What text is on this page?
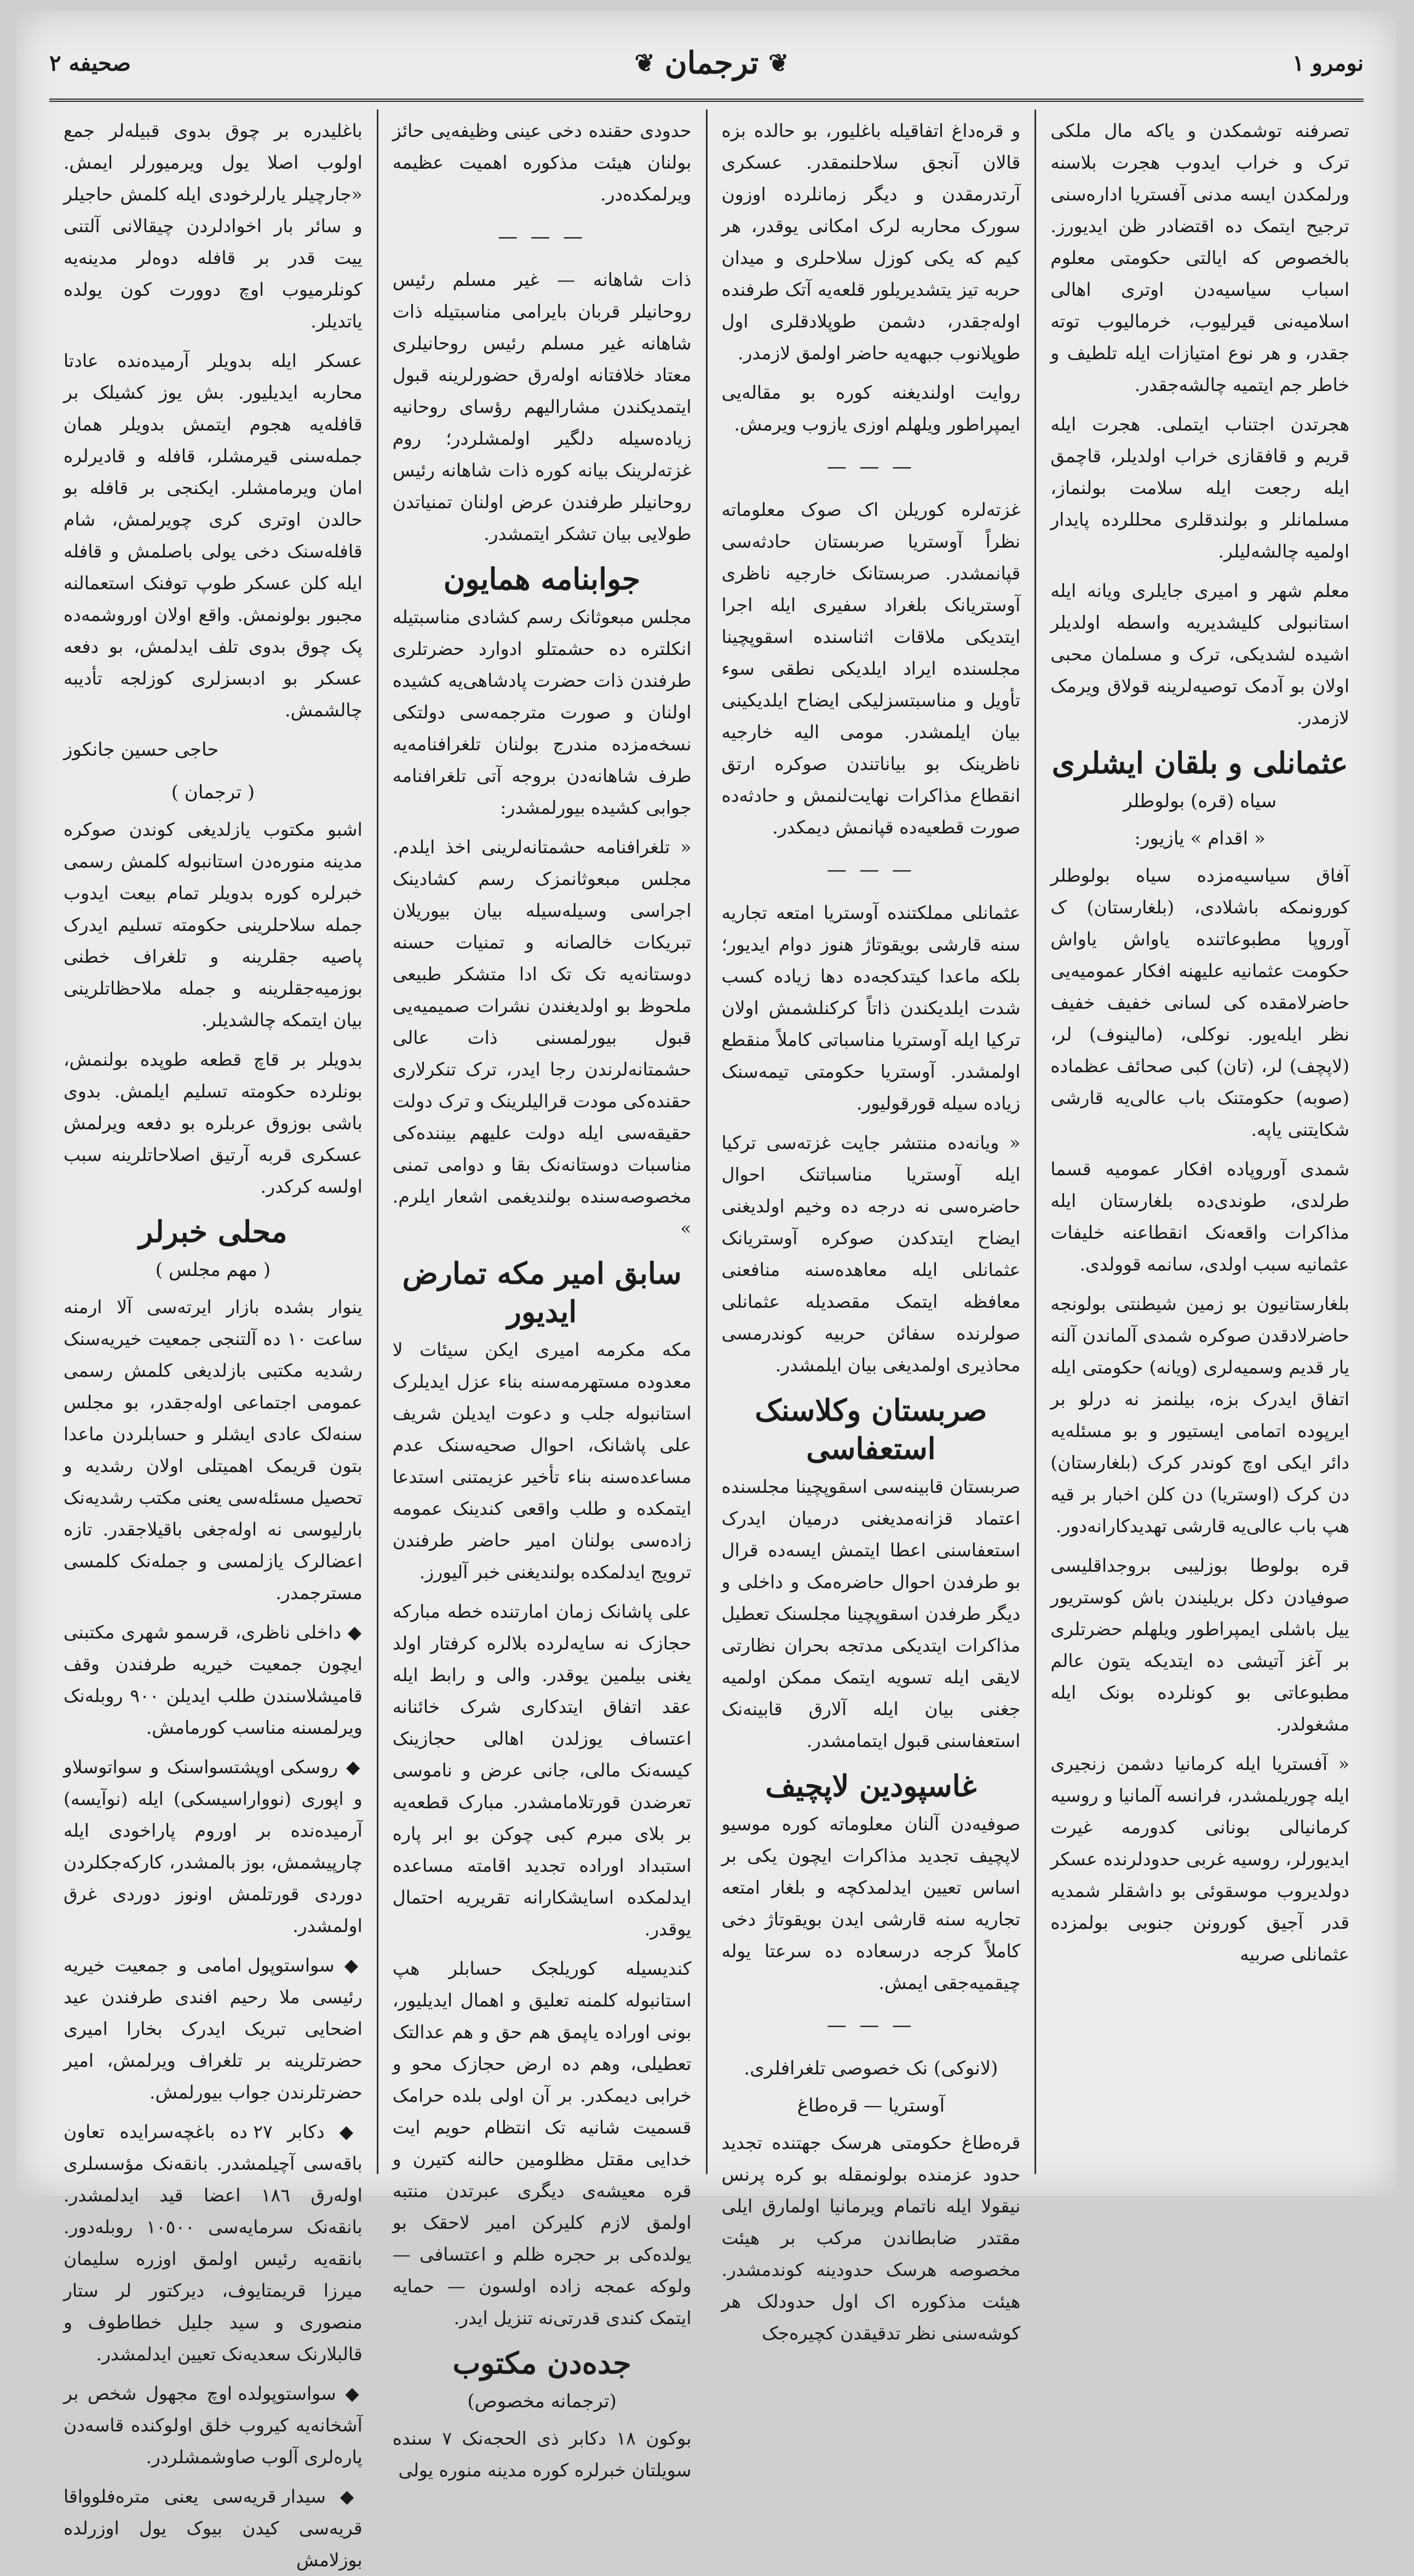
نومرو ١
❦
ترجمان
❦
صحیفه ٢

تصرفنه توشمکدن و یاکه مال ملکی ترک و خراب ایدوب هجرت بلاسنه ورلمکدن ایسه مدنی آفستریا اداره‌سنی ترجیح ایتمک ده اقتضادر ظن ایدیورز. بالخصوص که ایالتی حکومتی معلوم اسباب سیاسیه‌دن اوتری اهالی اسلامیه‌نی قیرلیوب، خرمالیوب توته جقدر، و هر نوع امتیازات ایله تلطیف و خاطر جم ایتمیه چالشه‌جقدر.

هجرتدن اجتناب ایتملی. هجرت ایله قریم و قافقازی خراب اولدیلر، قاچمق ایله رجعت ایله سلامت بولنماز، مسلمانلر و بولندقلری محللرده پایدار اولمیه چالشه‌لیلر.

معلم شهر و امیری جایلری ویانه ایله استانبولی کلیشدیریه واسطه اولدیلر اشیده لشدیکی، ترک و مسلمان محبی اولان بو آدمک توصیه‌لرینه قولاق ویرمک لازمدر.

عثمانلی و بلقان ایشلری
سیاه (قره) بولوطلر
« اقدام » یازیور:

آفاق سیاسیه‌مزده سیاه بولوطلر کورونمکه باشلادی، (بلغارستان) ک آوروپا مطبوعاتنده یاواش یاواش حکومت عثمانیه علیهنه افکار عمومیه‌یی حاضرلامقده کی لسانی خفیف خفیف نظر ایله‌یور. نوکلی، (مالینوف) لر، (لاپچف) لر، (تان) کبی صحائف عظماده (صوبه) حکومتنک باب عالی‌یه قارشی شکایتنی یاپه.

شمدی آوروپاده افکار عمومیه قسما طرلدی، طوندی‌ده بلغارستان ایله مذاکرات واقعه‌نک انقطاعنه خلیفات عثمانیه سبب اولدی، سانمه قوولدی.

بلغارستانیون بو زمین شیطنتی بولونجه حاضرلادقدن صوکره شمدی آلماندن آلنه یار قدیم وسمیه‌لری (ویانه) حکومتی ایله اتفاق ایدرک بزه، بیلنمز نه درلو بر ایرپوده اتمامی ایستیور و بو مسئله‌یه دائر ایکی اوچ کوندر کرک (بلغارستان) دن کرک (اوستریا) دن کلن اخبار بر قیه هپ باب عالی‌یه قارشی تهدیدکارانه‌دور.

قره بولوطا بوزلیبی بروجداقلیسی صوفیادن دکل بریلیندن باش کوستریور ییل باشلی ایمپراطور ویلهلم حضرتلری بر آغز آتیشی ده ایتدیکه یتون عالم مطبوعاتی بو کونلرده بونک ایله مشغولدر.

« آفستریا ایله کرمانیا دشمن زنجیری ایله چوریلمشدر، فرانسه آلمانیا و روسیه کرمانیالی بونانی کدورمه غیرت ایدیورلر، روسیه غربی حدودلرنده عسکر دولدیروب موسقوئی بو داشقلر شمدیه قدر آجیق کورونن جنوبی بولمزده عثمانلی صربیه

و قره‌داغ اتفاقیله باغلیور، بو حالده بزه قالان آنجق سلاحلنمقدر. عسکری آرتدرمقدن و دیگر زمانلرده اوزون سورک محاربه لرک امکانی یوقدر، هر کیم که یکی کوزل سلاحلری و میدان حربه تیز یتشدیریلور قلعه‌یه آتک طرفنده اوله‌جقدر، دشمن طوپلادقلری اول طوپلانوب جبهه‌یه حاضر اولمق لازمدر.

روایت اولندیغنه کوره بو مقاله‌یی ایمپراطور ویلهلم اوزی یازوب ویرمش.

— — —

غزته‌لره کوریلن اک صوک معلوماته نظراً آوستریا صربستان حادثه‌سی قپانمشدر. صربستانک خارجیه ناظری آوستریانک بلغراد سفیری ایله اجرا ایتدیکی ملاقات اثناسنده اسقوپچینا مجلسنده ایراد ایلدیکی نطقی سوء تأویل و مناسبتسزلیکی ایضاح ایلدیکینی بیان ایلمشدر. مومی الیه خارجیه ناظرینک بو بیاناتندن صوکره ارتق انقطاع مذاکرات نهایت‌لنمش و حادثه‌ده صورت قطعیه‌ده قپانمش دیمکدر.

— — —

عثمانلی مملکتنده آوستریا امتعه تجاریه سنه قارشی بویقوتاژ هنوز دوام ایدیور؛ بلکه ماعدا کیتدکجه‌ده دها زیاده کسب شدت ایلدیکندن ذاتاً کرکنلشمش اولان ترکیا ایله آوستریا مناسباتی کاملاً منقطع اولمشدر. آوستریا حکومتی تیمه‌سنک زیاده سیله قورقولیور.

« ویانه‌ده منتشر جایت غزته‌سی ترکیا ایله آوستریا مناسباتنک احوال حاضره‌سی نه درجه ده وخیم اولدیغنی ایضاح ایتدکدن صوکره آوستریانک عثمانلی ایله معاهده‌سنه منافعنی معافظه ایتمک مقصدیله عثمانلی صولرنده سفائن حربیه کوندرمسی محاذیری اولمدیغی بیان ایلمشدر.

صربستان وکلاسنک استعفاسی

صربستان قابینه‌سی اسقوپچینا مجلسنده اعتماد قزانه‌مدیغنی درمیان ایدرک استعفاسنی اعطا ایتمش ایسه‌ده قرال بو طرفدن احوال حاضره‌مک و داخلی و دیگر طرفدن اسقوپچینا مجلسنک تعطیل مذاکرات ایتدیکی مدتجه بحران نظارتی لایقی ایله تسویه ایتمک ممکن اولمیه جغنی بیان ایله آلارق قابینه‌نک استعفاسنی قبول ایتمامشدر.

غاسپودین لاپچیف

صوفیه‌دن آلنان معلوماته کوره موسیو لاپچیف تجدید مذاکرات ایچون یکی بر اساس تعیین ایدلمدکچه و بلغار امتعه تجاریه سنه قارشی ایدن بویقوتاژ دخی کاملاً کرجه درسعاده ده سرعتا یوله چیقمیه‌جقی ایمش.

— — —
(لانوکی) نک خصوصی تلغرافلری.
آوستریا — قره‌طاغ

قره‌طاغ حکومتی هرسک جهتنده تجدید حدود عزمنده بولونمقله بو کره پرنس نیقولا ایله ناتمام ویرمانیا اولمارق ایلی مقتدر ضابطاندن مرکب بر هیئت مخصوصه هرسک حدودینه کوندمشدر. هیئت مذکوره اک اول حدودلک هر کوشه‌سنی نظر تدقیقدن کچیره‌جک

حدودی حقنده دخی عینی وظیفه‌یی حائز بولنان هیئت مذکوره اهمیت عظیمه ویرلمکده‌در.

— — —

ذات شاهانه — غیر مسلم رئیس روحانیلر قربان بایرامی مناسبتیله ذات شاهانه غیر مسلم رئیس روحانیلری معتاد خلافتانه اولەرق حضورلرینه قبول ایتمدیکندن مشارالیهم رؤسای روحانیه زیاده‌سیله دلگیر اولمشلردر؛ روم غزته‌لرینک بیانه کوره ذات شاهانه رئیس روحانیلر طرفندن عرض اولنان تمنیاتدن طولایی بیان تشکر ایتمشدر.

جوابنامه همایون

مجلس مبعوثانک رسم کشادی مناسبتیله انکلتره ده حشمتلو ادوارد حضرتلری طرفندن ذات حضرت پادشاهی‌یه کشیده اولنان و صورت مترجمه‌سی دولتکی نسخه‌مزده مندرج بولنان تلغرافنامه‌یه طرف شاهانه‌دن بروجه آتی تلغرافنامه جوابی کشیده بیورلمشدر:

« تلغرافنامه حشمتانه‌لرینی اخذ ایلدم. مجلس مبعوثانمزک رسم کشادینک اجراسی وسیله‌سیله بیان بیوریلان تبریکات خالصانه و تمنیات حسنه دوستانه‌یه تک تک ادا متشکر طبیعی ملحوظ بو اولدیغندن نشرات صمیمیه‌یی قبول بیورلمسنی ذات عالی حشمتانه‌لرندن رجا ایدر، ترک تنکرلاری حقنده‌کی مودت قرالیلرینک و ترک دولت حقیقه‌سی ایله دولت علیهم بیننده‌کی مناسبات دوستانه‌نک بقا و دوامی تمنی مخصوصه‌سنده بولندیغمی اشعار ایلرم. »

سابق امیر مکه تمارض ایدیور

مکه مکرمه امیری ایکن سیئات لا معدوده مستهرمه‌سنه بناء عزل ایدیلرک استانبوله جلب و دعوت ایدیلن شریف علی پاشانک، احوال صحیه‌سنک عدم مساعده‌سنه بناء تأخیر عزیمتنی استدعا ایتمکده و طلب واقعی کندینک عمومه زاده‌سی بولنان امیر حاضر طرفندن ترویج ایدلمکده بولندیغنی خبر آلیورز.

علی پاشانک زمان امارتنده خطه مبارکه حجازک نه سایه‌لرده بلالره کرفتار اولد یغنی بیلمین یوقدر. والی و رابط ایله عقد اتفاق ایتدکاری شرک خائنانه اعتساف یوزلدن اهالی حجازینک کیسه‌نک مالی، جانی عرض و ناموسی تعرضدن قورتلامامشدر. مبارک قطعه‌یه بر بلای مبرم کبی چوکن بو ابر پاره استبداد اوراده تجدید اقامته مساعده ایدلمکده اسایشکارانه تقریریه احتمال یوقدر.

کندیسیله کوریلجک حسابلر هپ استانبوله کلمنه تعلیق و اهمال ایدیلیور، بونی اوراده یاپمق هم حق و هم عدالتک تعطیلی، وهم ده ارض حجازک محو و خرابی دیمکدر. بر آن اولی بلده حرامک قسمیت شانیه تک انتظام حویم ایت خدایی مقتل مظلومین حالنه کتیرن و قره معیشه‌ی دیگری عبرتدن منتبه اولمق لازم کلیرکن امیر لاحقک بو یولده‌کی بر حجره ظلم و اعتسافی — ولوکه عمجه زاده اولسون — حمایه ایتمک کندی قدرتی‌نه تنزیل ایدر.

جده‌دن مکتوب
(ترجمانه مخصوص)

بوکون ١٨ دکابر ذی الحجه‌نک ٧ سنده سویلتان خبرلره کوره مدینه منوره یولی

باغلیدره بر چوق بدوی قبیله‌لر جمع اولوب اصلا یول ویرمیورلر ایمش. «جارچیلر یارلرخودی ایله کلمش حاجیلر و سائر بار اخوادلردن چیقالانی آلتنی ییت قدر بر قافله دوه‌لر مدینه‌یه کونلرمیوب اوچ دوورت کون یولده یاتدیلر.

عسکر ایله بدویلر آرمیده‌نده عادتا محاربه ایدیلیور. بش یوز کشیلک بر قافله‌یه هجوم ایتمش بدویلر همان جمله‌سنی قیرمشلر، قافله و قادیرلره امان ویرمامشلر. ایکنجی بر قافله بو حالدن اوتری کری چویرلمش، شام قافله‌سنک دخی یولی باصلمش و قافله ایله کلن عسکر طوپ توفنک استعمالنه مجبور بولونمش. واقع اولان اوروشمه‌ده پک چوق بدوی تلف ایدلمش، بو دفعه عسکر بو ادبسزلری کوزلجه تأدیبه چالشمش.

حاجی حسین جانکوز
( ترجمان )

اشبو مکتوب یازلدیغی کوندن صوکره مدینه منوره‌دن استانبوله کلمش رسمی خبرلره کوره بدویلر تمام بیعت ایدوب جمله سلاحلرینی حکومته تسلیم ایدرک پاصیه جقلرینه و تلغراف خطنی بوزمیه‌جقلرینه و جمله ملاحظاتلرینی بیان ایتمکه چالشدیلر.

بدویلر بر قاچ قطعه طوپده بولنمش، بونلرده حکومته تسلیم ایلمش. بدوی باشی بوزوق عربلره بو دفعه ویرلمش عسکری قربه آرتیق اصلاحاتلرینه سبب اولسه کرکدر.

محلی خبرلر
( مهم مجلس )

ینوار بشده بازار ایرته‌سی آلا ارمنه ساعت ١٠ ده آلتنجی جمعیت خیریه‌سنک رشدیه مکتبی بازلدیغی کلمش رسمی عمومی اجتماعی اولەجقدر، بو مجلس سنه‌لک عادی ایشلر و حسابلردن ماعدا بتون قریمک اهمیتلی اولان رشدیه و تحصیل مسئله‌سی یعنی مکتب رشدیه‌نک بارلیوسی نه اولەجغی باقیلاجقدر. تازه اعضالرک یازلمسی و جمله‌نک کلمسی مسترجمدر.

◆ داخلی ناظری، قرسمو شهری مکتبنی ایچون جمعیت خیریه طرفندن وقف قامیشلاسندن طلب ایدیلن ٩٠٠ روبله‌نک ویرلمسنه مناسب کورمامش.

◆ روسکی اوپشتسواسنک و سواتوسلاو و اپوری (نوواراسیسکی) ایله (نوآیسه) آرمیده‌نده بر اوروم پاراخودی ایله چارپیشمش، بوز بالمشدر، کارکه‌جکلردن دوردی قورتلمش اونوز دوردی غرق اولمشدر.

◆ سواستوپول امامی و جمعیت خیریه رئیسی ملا رحیم افندی طرفندن عید اضحایی تبریک ایدرک بخارا امیری حضرتلرینه بر تلغراف ویرلمش، امیر حضرتلرندن جواب بیورلمش.

◆ دکابر ٢٧ ده باغچه‌سرایده تعاون باقه‌سی آچیلمشدر. بانقه‌نک مؤسسلری اولەرق ١٨٦ اعضا قید ایدلمشدر. بانقه‌نک سرمایه‌سی ١٠٥٠٠ روبله‌دور. بانقه‌یه رئیس اولمق اوزره سلیمان میرزا قریمتایوف، دیرکتور لر ستار منصوری و سید جلیل خطاطوف و قالبلارنک سعدیه‌نک تعیین ایدلمشدر.

◆ سواستوپولده اوچ مجهول شخص بر آشخانه‌یه کیروب خلق اولوکنده قاسه‌دن پاره‌لری آلوب صاوشمشلردر.

◆ سیدار قریه‌سی یعنی متره‌فلوواقا قریه‌سی کیدن بیوک یول اوزرلده بوزلامش
